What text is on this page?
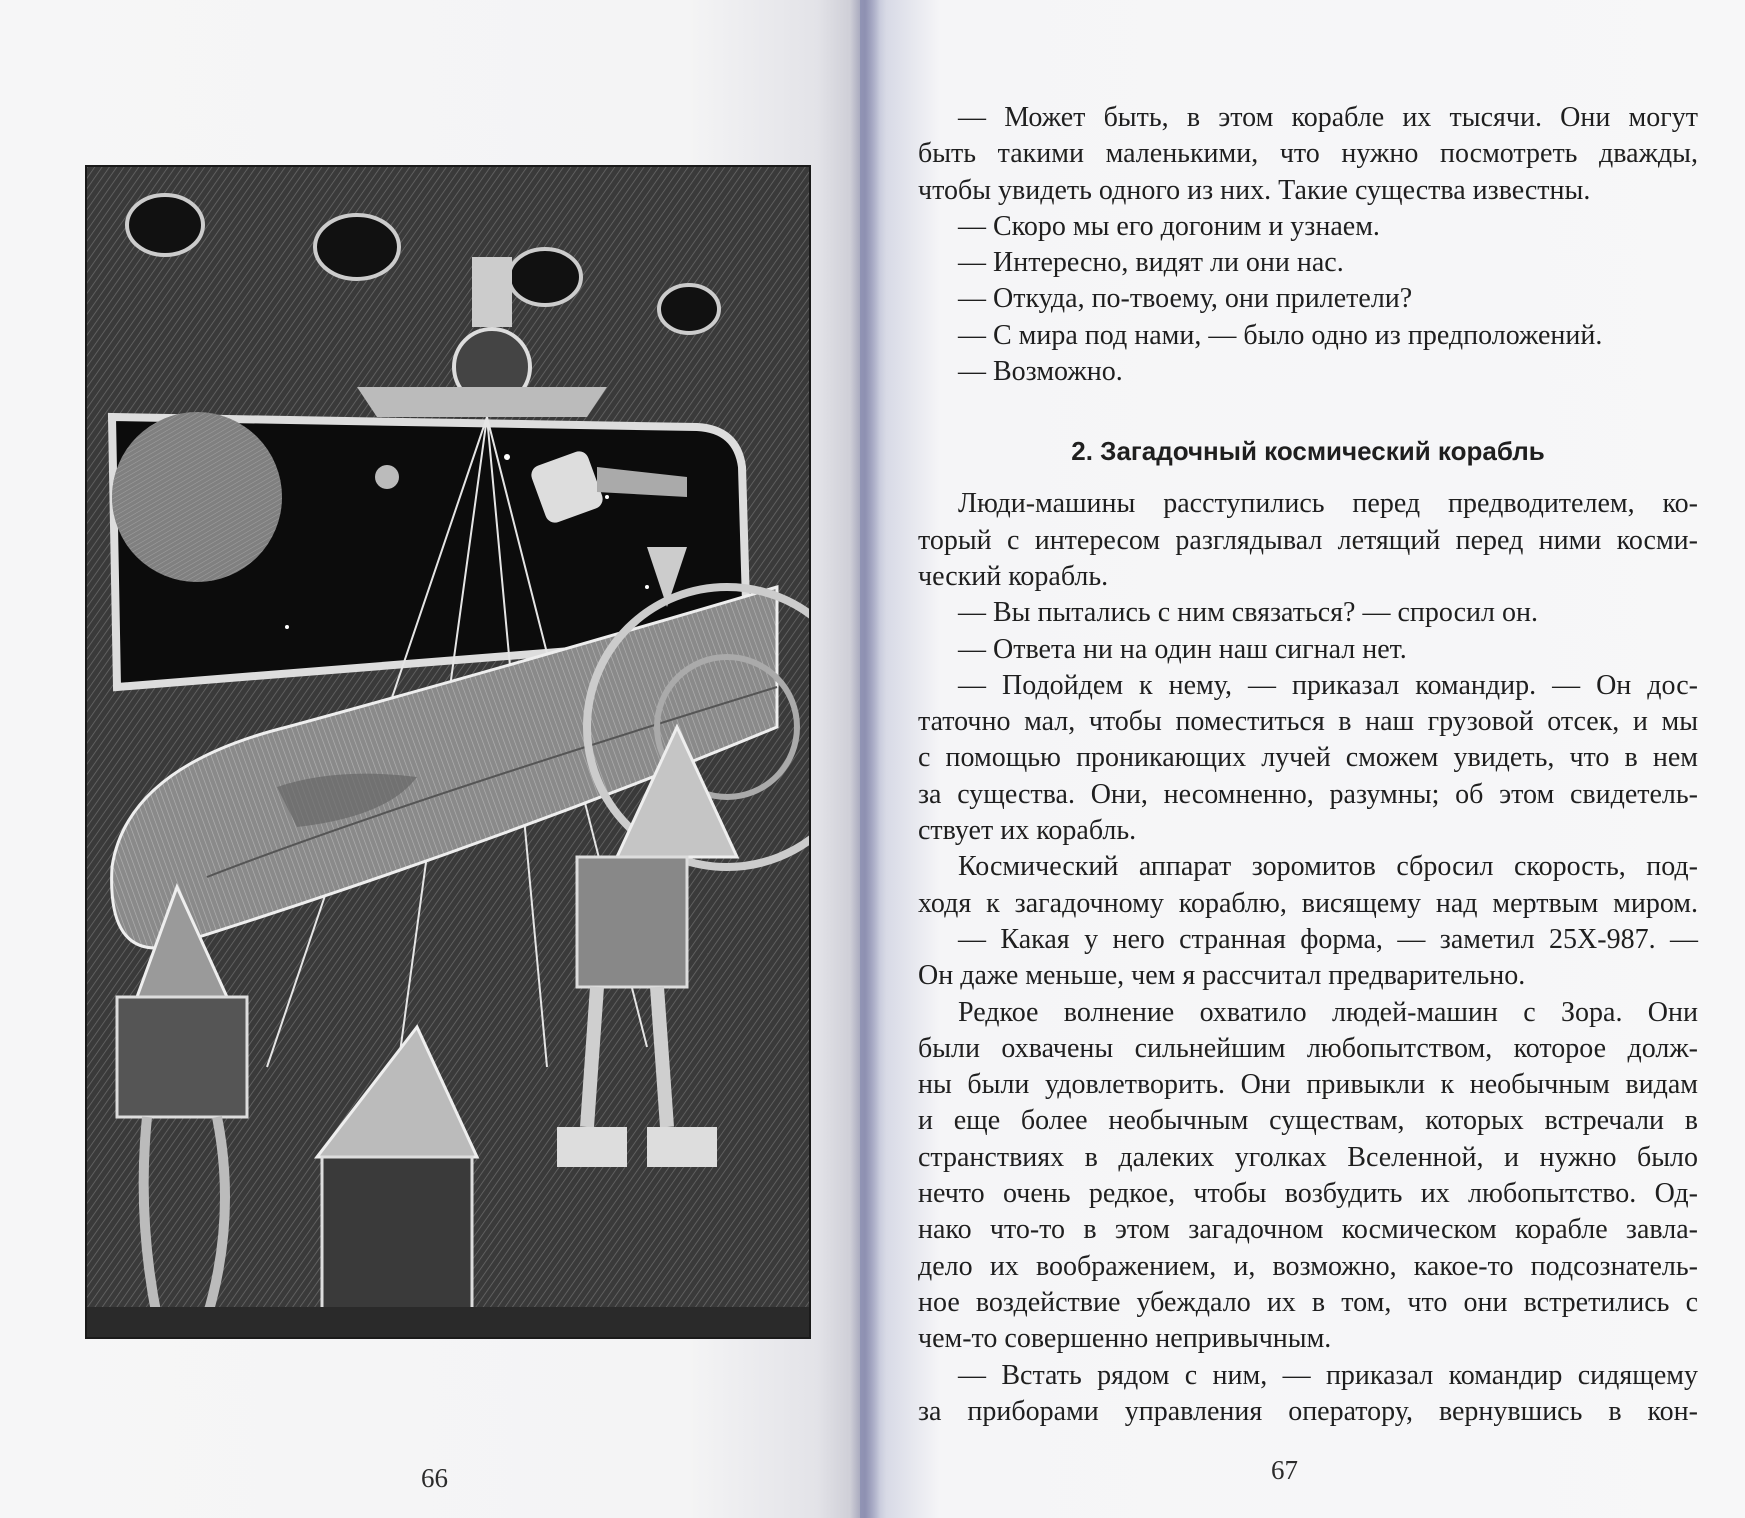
66
— Может быть, в этом корабле их тысячи. Они могут
быть такими маленькими, что нужно посмотреть дважды,
чтобы увидеть одного из них. Такие существа известны.
— Скоро мы его догоним и узнаем.
— Интересно, видят ли они нас.
— Откуда, по-твоему, они прилетели?
— С мира под нами, — было одно из предположений.
— Возможно.
2. Загадочный космический корабль
Люди-машины расступились перед предводителем, ко-
торый с интересом разглядывал летящий перед ними косми-
ческий корабль.
— Вы пытались с ним связаться? — спросил он.
— Ответа ни на один наш сигнал нет.
— Подойдем к нему, — приказал командир. — Он дос-
таточно мал, чтобы поместиться в наш грузовой отсек, и мы
с помощью проникающих лучей сможем увидеть, что в нем
за существа. Они, несомненно, разумны; об этом свидетель-
ствует их корабль.
Космический аппарат зоромитов сбросил скорость, под-
ходя к загадочному кораблю, висящему над мертвым миром.
— Какая у него странная форма, — заметил 25X-987. —
Он даже меньше, чем я рассчитал предварительно.
Редкое волнение охватило людей-машин с Зора. Они
были охвачены сильнейшим любопытством, которое долж-
ны были удовлетворить. Они привыкли к необычным видам
и еще более необычным существам, которых встречали в
странствиях в далеких уголках Вселенной, и нужно было
нечто очень редкое, чтобы возбудить их любопытство. Од-
нако что-то в этом загадочном космическом корабле завла-
дело их воображением, и, возможно, какое-то подсознатель-
ное воздействие убеждало их в том, что они встретились с
чем-то совершенно непривычным.
— Встать рядом с ним, — приказал командир сидящему
за приборами управления оператору, вернувшись в кон-
67
